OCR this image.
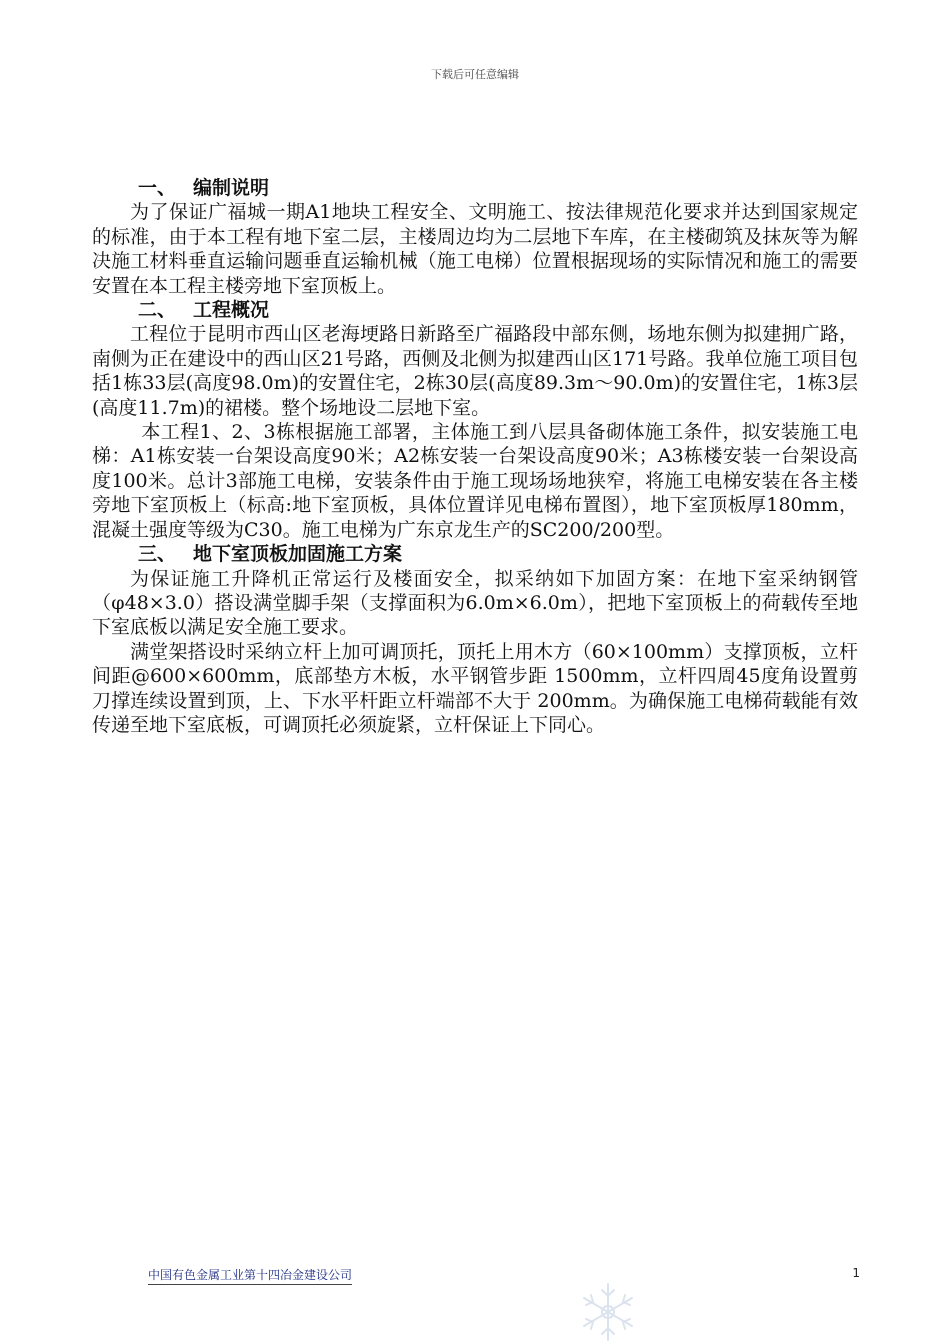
下载后可任意编辑
一、 编制说明

为了保证广福城一期A1地块工程安全、文明施工、按法律规范化要求并达到国家规定的标准，由于本工程有地下室二层，主楼周边均为二层地下车库，在主楼砌筑及抹灰等为解决施工材料垂直运输问题垂直运输机械（施工电梯）位置根据现场的实际情况和施工的需要安置在本工程主楼旁地下室顶板上。

二、 工程概况

工程位于昆明市西山区老海埂路日新路至广福路段中部东侧，场地东侧为拟建拥广路，南侧为正在建设中的西山区21号路，西侧及北侧为拟建西山区171号路。我单位施工项目包括1栋33层(高度98.0m)的安置住宅，2栋30层(高度89.3m～90.0m)的安置住宅，1栋3层 (高度11.7m)的裙楼。整个场地设二层地下室。

本工程1、2、3栋根据施工部署，主体施工到八层具备砌体施工条件，拟安装施工电梯：A1栋安装一台架设高度90米；A2栋安装一台架设高度90米；A3栋楼安装一台架设高度100米。总计3部施工电梯，安装条件由于施工现场场地狭窄，将施工电梯安装在各主楼旁地下室顶板上（标高:地下室顶板，具体位置详见电梯布置图），地下室顶板厚180mm，混凝土强度等级为C30。施工电梯为广东京龙生产的SC200/200型。

三、 地下室顶板加固施工方案

为保证施工升降机正常运行及楼面安全，拟采纳如下加固方案：在地下室采纳钢管（φ48×3.0）搭设满堂脚手架（支撑面积为6.0m×6.0m），把地下室顶板上的荷载传至地下室底板以满足安全施工要求。

满堂架搭设时采纳立杆上加可调顶托，顶托上用木方（60×100mm）支撑顶板，立杆间距@600×600mm，底部垫方木板，水平钢管步距 1500mm，立杆四周45度角设置剪刀撑连续设置到顶，上、下水平杆距立杆端部不大于 200mm。为确保施工电梯荷载能有效传递至地下室底板，可调顶托必须旋紧，立杆保证上下同心。

中国有色金属工业第十四冶金建设公司	1
